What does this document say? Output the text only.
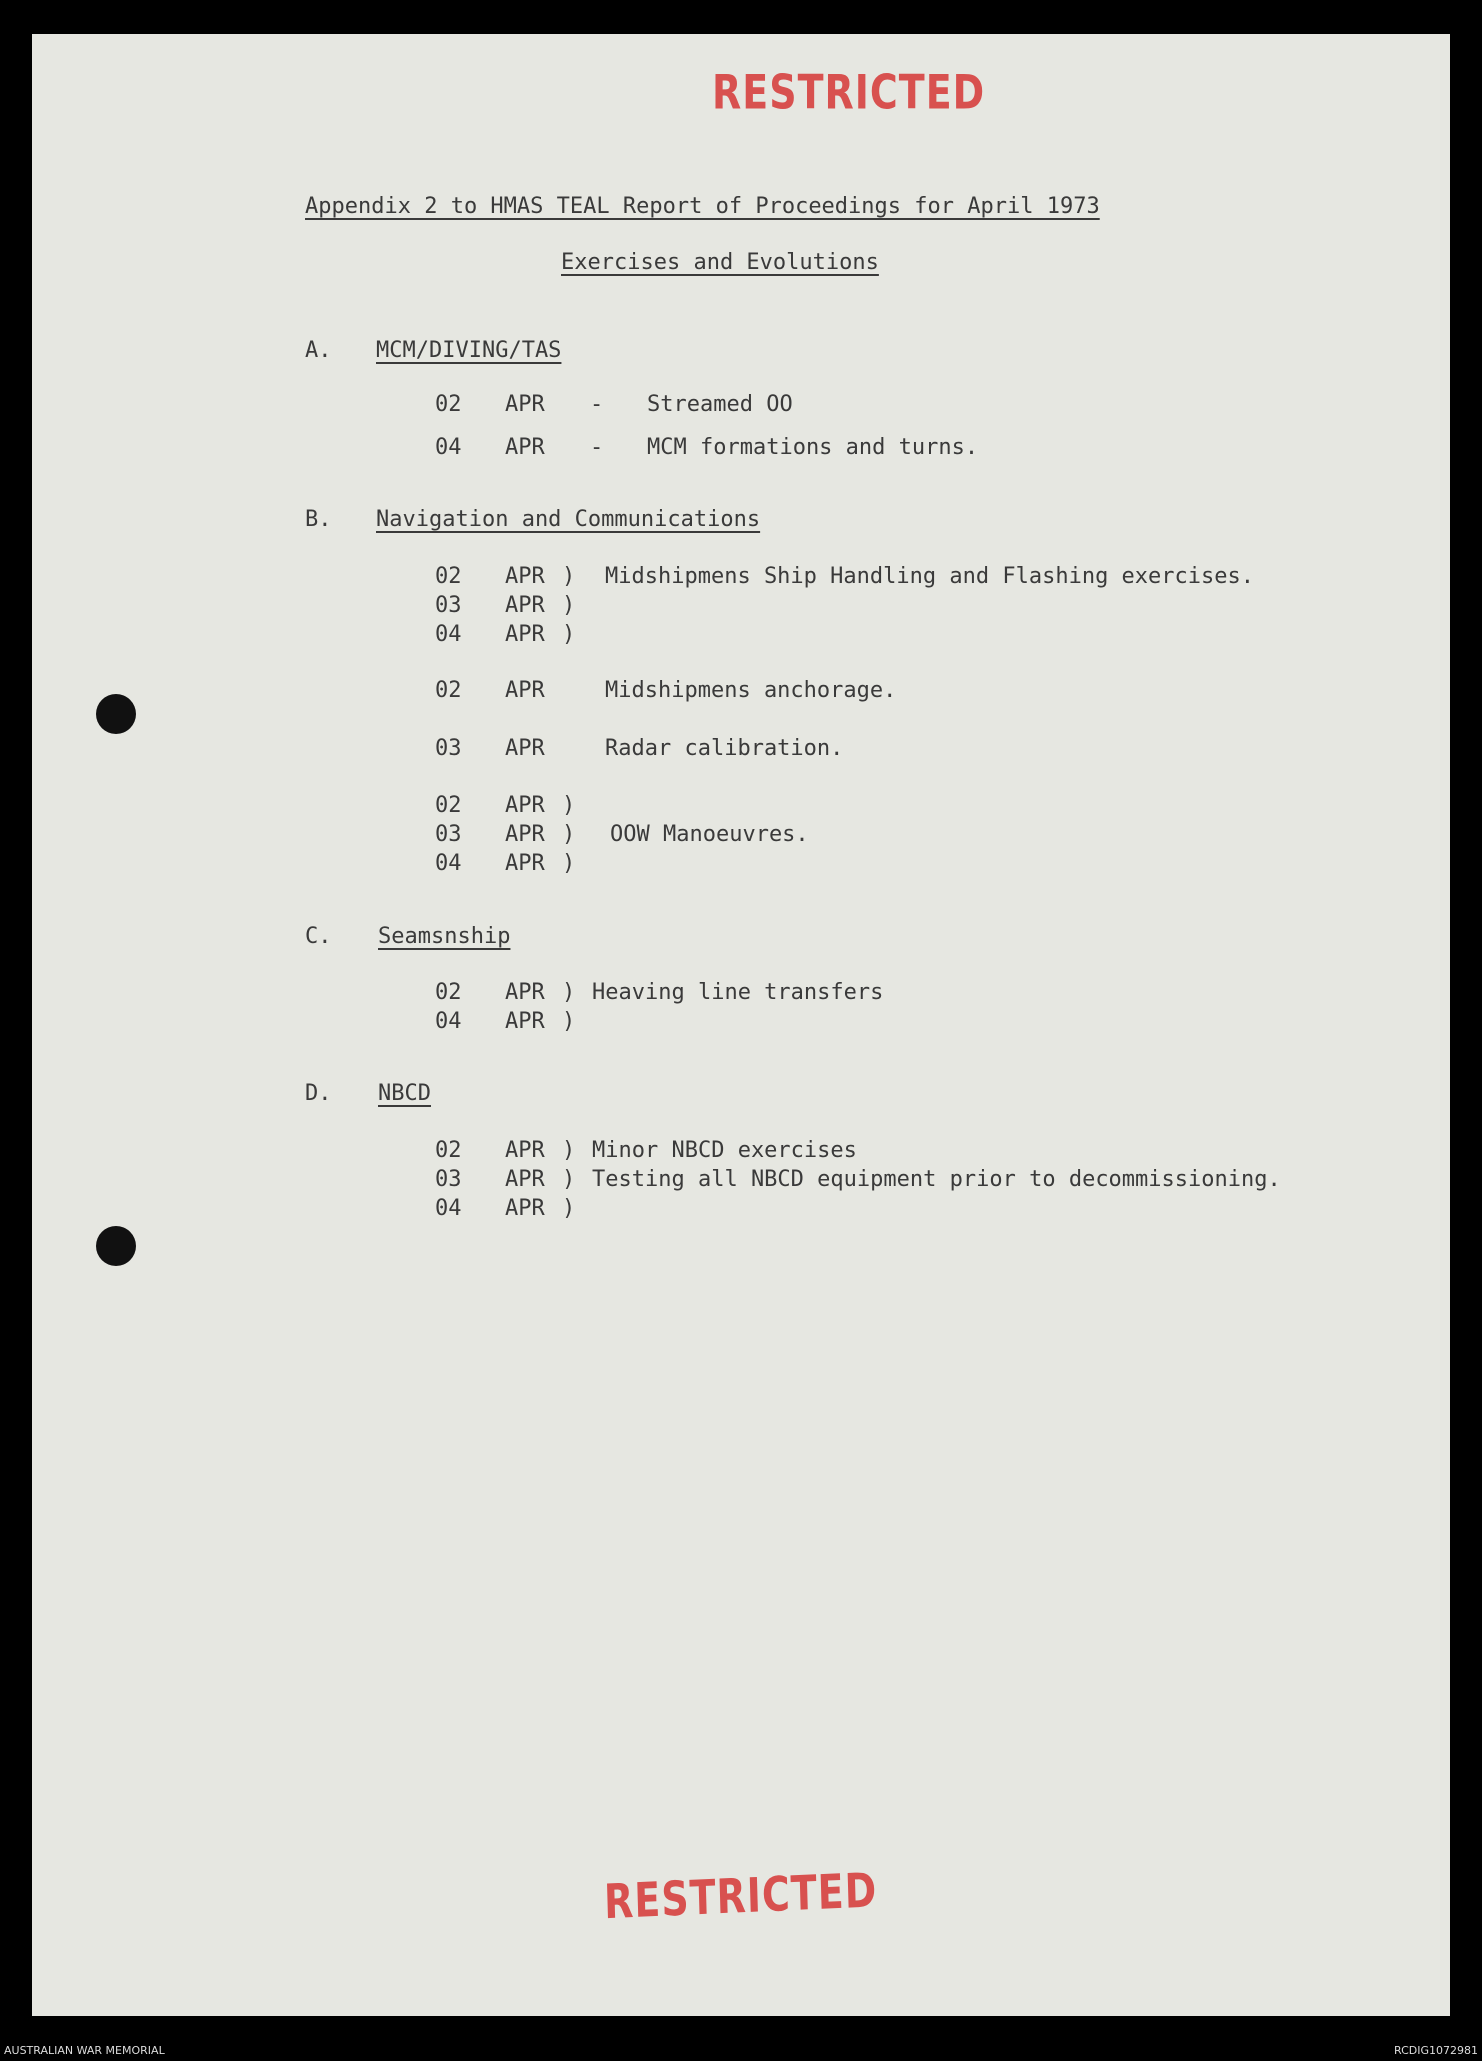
RESTRICTED
Appendix 2 to HMAS TEAL Report of Proceedings for April 1973
Exercises and Evolutions
A. MCM/DIVING/TAS
02 APR - Streamed OO
04 APR - MCM formations and turns.
B. Navigation and Communications
02 APR ) Midshipmens Ship Handling and Flashing exercises.
03 APR )
04 APR )
02 APR	Midshipmens anchorage.
03 APR	Radar calibration.
02 APR )
03 APR ) OOW Manoeuvres.
04 APR )
C. Seamsnship
02 APR ) Heaving line transfers
04 APR )
D. NBCD
02 APR ) Minor NBCD exercises
03 APR ) Testing all NBCD equipment prior to decommissioning.
04 APR )
RESTRICTED
AUSTRALIAN WAR MEMORIAL	RCDIG1072981
